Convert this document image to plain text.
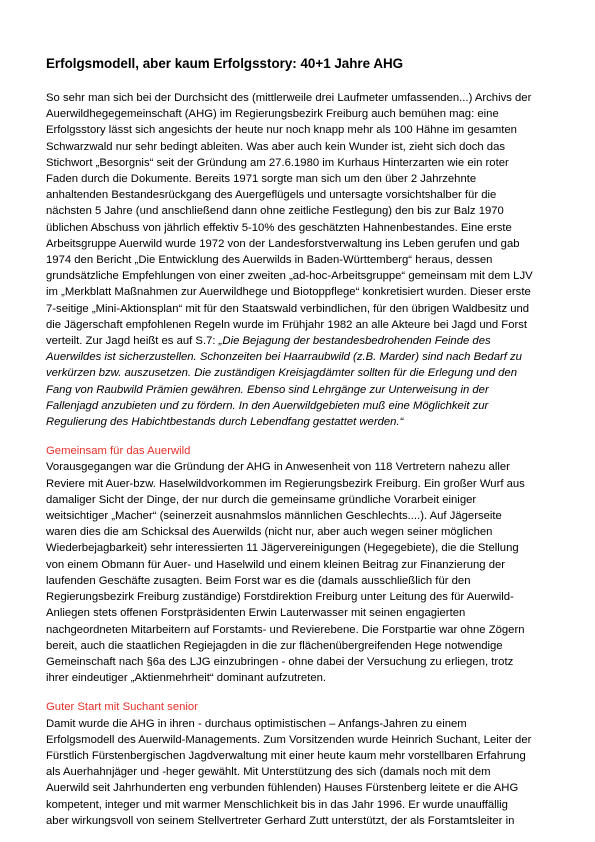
Erfolgsmodell, aber kaum Erfolgsstory: 40+1 Jahre AHG
So sehr man sich bei der Durchsicht des (mittlerweile drei Laufmeter umfassenden...) Archivs der
Auerwildhegegemeinschaft (AHG) im Regierungsbezirk Freiburg auch bemühen mag: eine
Erfolgsstory lässt sich angesichts der heute nur noch knapp mehr als 100 Hähne im gesamten
Schwarzwald nur sehr bedingt ableiten. Was aber auch kein Wunder ist, zieht sich doch das
Stichwort „Besorgnis“ seit der Gründung am 27.6.1980 im Kurhaus Hinterzarten wie ein roter
Faden durch die Dokumente. Bereits 1971 sorgte man sich um den über 2 Jahrzehnte
anhaltenden Bestandesrückgang des Auergeflügels und untersagte vorsichtshalber für die
nächsten 5 Jahre (und anschließend dann ohne zeitliche Festlegung) den bis zur Balz 1970
üblichen Abschuss von jährlich effektiv 5-10% des geschätzten Hahnenbestandes. Eine erste
Arbeitsgruppe Auerwild wurde 1972 von der Landesforstverwaltung ins Leben gerufen und gab
1974 den Bericht „Die Entwicklung des Auerwilds in Baden-Württemberg“ heraus, dessen
grundsätzliche Empfehlungen von einer zweiten „ad-hoc-Arbeitsgruppe“ gemeinsam mit dem LJV
im „Merkblatt Maßnahmen zur Auerwildhege und Biotoppflege“ konkretisiert wurden. Dieser erste
7-seitige „Mini-Aktionsplan“ mit für den Staatswald verbindlichen, für den übrigen Waldbesitz und
die Jägerschaft empfohlenen Regeln wurde im Frühjahr 1982 an alle Akteure bei Jagd und Forst
verteilt. Zur Jagd heißt es auf S.7: „Die Bejagung der bestandesbedrohenden Feinde des
Auerwildes ist sicherzustellen. Schonzeiten bei Haarraubwild (z.B. Marder) sind nach Bedarf zu
verkürzen bzw. auszusetzen. Die zuständigen Kreisjagdämter sollten für die Erlegung und den
Fang von Raubwild Prämien gewähren. Ebenso sind Lehrgänge zur Unterweisung in der
Fallenjagd anzubieten und zu fördern. In den Auerwildgebieten muß eine Möglichkeit zur
Regulierung des Habichtbestands durch Lebendfang gestattet werden.“
Gemeinsam für das Auerwild
Vorausgegangen war die Gründung der AHG in Anwesenheit von 118 Vertretern nahezu aller
Reviere mit Auer-bzw. Haselwildvorkommen im Regierungsbezirk Freiburg. Ein großer Wurf aus
damaliger Sicht der Dinge, der nur durch die gemeinsame gründliche Vorarbeit einiger
weitsichtiger „Macher“ (seinerzeit ausnahmslos männlichen Geschlechts....). Auf Jägerseite
waren dies die am Schicksal des Auerwilds (nicht nur, aber auch wegen seiner möglichen
Wiederbejagbarkeit) sehr interessierten 11 Jägervereinigungen (Hegegebiete), die die Stellung
von einem Obmann für Auer- und Haselwild und einem kleinen Beitrag zur Finanzierung der
laufenden Geschäfte zusagten. Beim Forst war es die (damals ausschließlich für den
Regierungsbezirk Freiburg zuständige) Forstdirektion Freiburg unter Leitung des für Auerwild-
Anliegen stets offenen Forstpräsidenten Erwin Lauterwasser mit seinen engagierten
nachgeordneten Mitarbeitern auf Forstamts- und Revierebene. Die Forstpartie war ohne Zögern
bereit, auch die staatlichen Regiejagden in die zur flächenübergreifenden Hege notwendige
Gemeinschaft nach §6a des LJG einzubringen - ohne dabei der Versuchung zu erliegen, trotz
ihrer eindeutiger „Aktienmehrheit“ dominant aufzutreten.
Guter Start mit Suchant senior
Damit wurde die AHG in ihren - durchaus optimistischen – Anfangs-Jahren zu einem
Erfolgsmodell des Auerwild-Managements. Zum Vorsitzenden wurde Heinrich Suchant, Leiter der
Fürstlich Fürstenbergischen Jagdverwaltung mit einer heute kaum mehr vorstellbaren Erfahrung
als Auerhahnjäger und -heger gewählt. Mit Unterstützung des sich (damals noch mit dem
Auerwild seit Jahrhunderten eng verbunden fühlenden) Hauses Fürstenberg leitete er die AHG
kompetent, integer und mit warmer Menschlichkeit bis in das Jahr 1996. Er wurde unauffällig
aber wirkungsvoll von seinem Stellvertreter Gerhard Zutt unterstützt, der als Forstamtsleiter in
